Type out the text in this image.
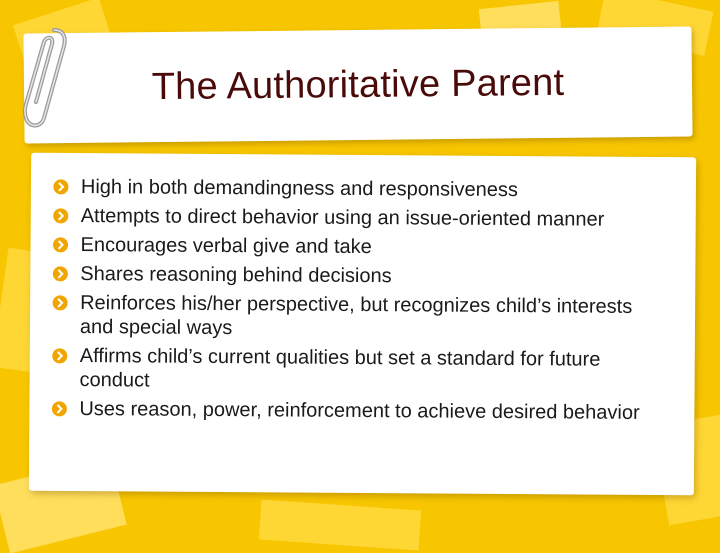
The Authoritative Parent
High in both demandingness and responsiveness
Attempts to direct behavior using an issue-oriented manner
Encourages verbal give and take
Shares reasoning behind decisions
Reinforces his/her perspective, but recognizes child’s interests and special ways
Affirms child’s current qualities but set a standard for future conduct
Uses reason, power, reinforcement to achieve desired behavior
